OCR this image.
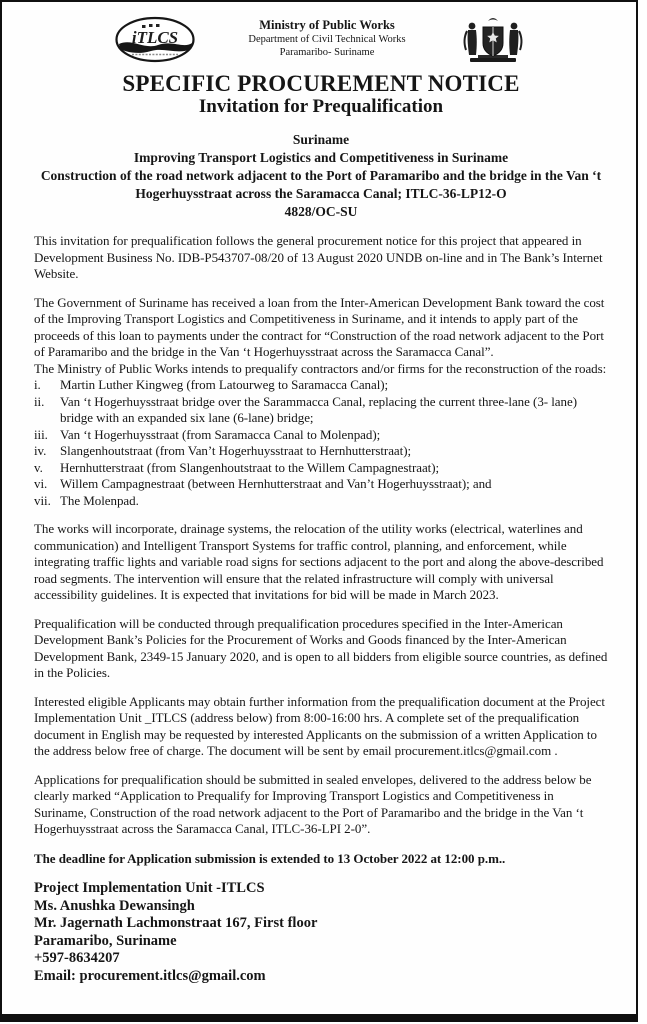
iTLCS
Ministry of Public Works
Department of Civil Technical Works
Paramaribo- Suriname
SPECIFIC PROCUREMENT NOTICE
Invitation for Prequalification
Suriname
Improving Transport Logistics and Competitiveness in Suriname
Construction of the road network adjacent to the Port of Paramaribo and the bridge in the Van ‘t Hogerhuysstraat across the Saramacca Canal; ITLC-36-LP12-O
4828/OC-SU

This invitation for prequalification follows the general procurement notice for this project that appeared in Development Business No. IDB-P543707-08/20 of 13 August 2020 UNDB on-line and in The Bank’s Internet Website.

The Government of Suriname has received a loan from the Inter-American Development Bank toward the cost of the Improving Transport Logistics and Competitiveness in Suriname, and it intends to apply part of the proceeds of this loan to payments under the contract for “Construction of the road network adjacent to the Port of Paramaribo and the bridge in the Van ‘t Hogerhuysstraat across the Saramacca Canal”.

The Ministry of Public Works intends to prequalify contractors and/or firms for the reconstruction of the roads:

i.	Martin Luther Kingweg (from Latourweg to Saramacca Canal);
ii.	Van ‘t Hogerhuysstraat bridge over the Sarammacca Canal, replacing the current three-lane (3- lane) bridge with an expanded six lane (6-lane) bridge;
iii. Van ‘t Hogerhuysstraat (from Saramacca Canal to Molenpad);
iv.	Slangenhoutstraat (from Van’t Hogerhuysstraat to Hernhutterstraat);
v.	Hernhutterstraat (from Slangenhoutstraat to the Willem Campagnestraat);
vi. Willem Campagnestraat (between Hernhutterstraat and Van’t Hogerhuysstraat); and
vii. The Molenpad.

The works will incorporate, drainage systems, the relocation of the utility works (electrical, waterlines and communication) and Intelligent Transport Systems for traffic control, planning, and enforcement, while integrating traffic lights and variable road signs for sections adjacent to the port and along the above-described road segments. The intervention will ensure that the related infrastructure will comply with universal accessibility guidelines. It is expected that invitations for bid will be made in March 2023.

Prequalification will be conducted through prequalification procedures specified in the Inter-American Development Bank’s Policies for the Procurement of Works and Goods financed by the Inter-American Development Bank, 2349-15 January 2020, and is open to all bidders from eligible source countries, as defined in the Policies.

Interested eligible Applicants may obtain further information from the prequalification document at the Project Implementation Unit _ITLCS (address below) from 8:00-16:00 hrs. A complete set of the prequalification document in English may be requested by interested Applicants on the submission of a written Application to the address below free of charge. The document will be sent by email procurement.itlcs@gmail.com .

Applications for prequalification should be submitted in sealed envelopes, delivered to the address below be clearly marked “Application to Prequalify for Improving Transport Logistics and Competitiveness in Suriname, Construction of the road network adjacent to the Port of Paramaribo and the bridge in the Van ‘t Hogerhuysstraat across the Saramacca Canal, ITLC-36-LPI 2-0”.

The deadline for Application submission is extended to 13 October 2022 at 12:00 p.m..

Project Implementation Unit -ITLCS
Ms. Anushka Dewansingh
Mr. Jagernath Lachmonstraat 167, First floor
Paramaribo, Suriname
+597-8634207
Email: procurement.itlcs@gmail.com
